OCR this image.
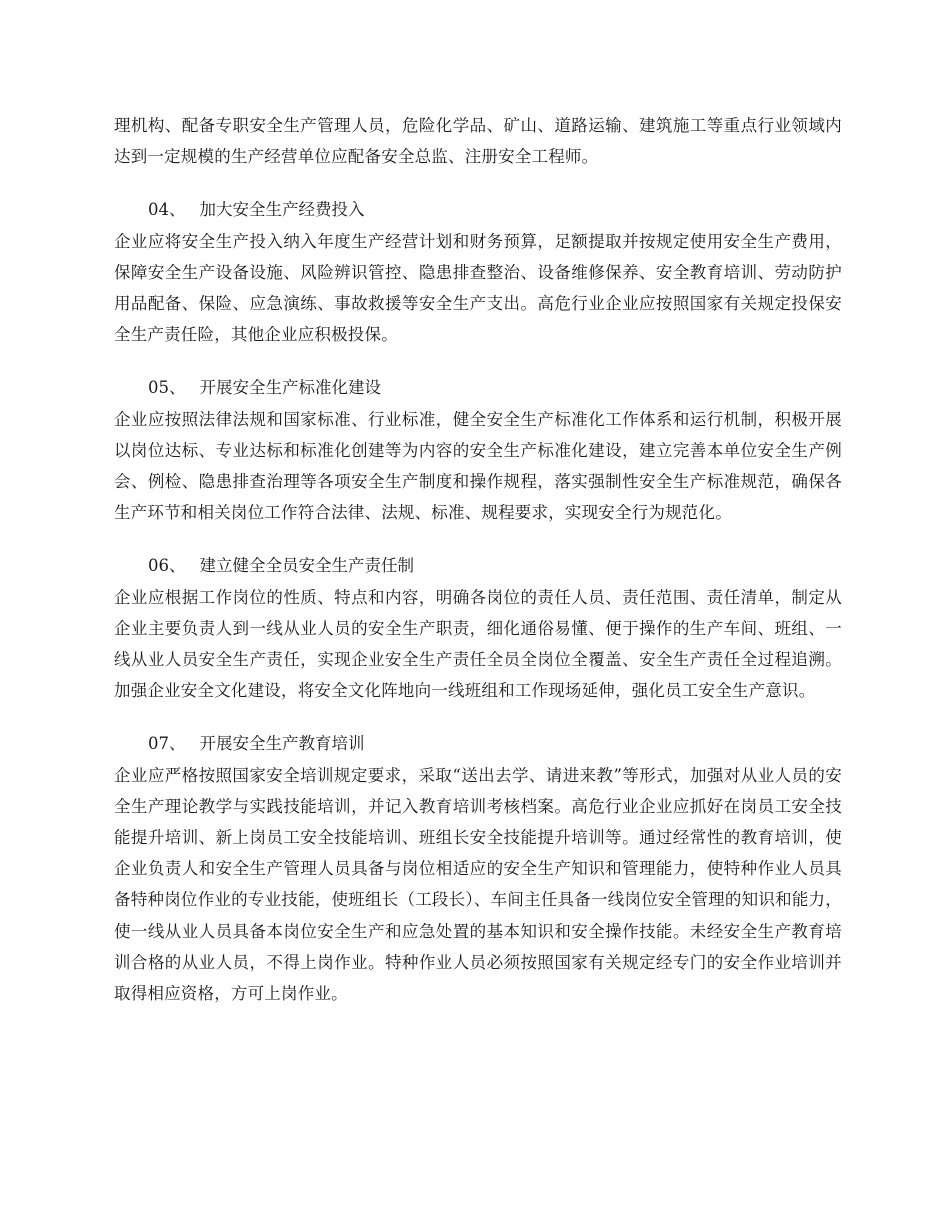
理机构、配备专职安全生产管理人员，危险化学品、矿山、道路运输、建筑施工等重点行业领域内达到一定规模的生产经营单位应配备安全总监、注册安全工程师。

04、 加大安全生产经费投入

企业应将安全生产投入纳入年度生产经营计划和财务预算，足额提取并按规定使用安全生产费用，保障安全生产设备设施、风险辨识管控、隐患排查整治、设备维修保养、安全教育培训、劳动防护用品配备、保险、应急演练、事故救援等安全生产支出。高危行业企业应按照国家有关规定投保安全生产责任险，其他企业应积极投保。

05、 开展安全生产标准化建设

企业应按照法律法规和国家标准、行业标准，健全安全生产标准化工作体系和运行机制，积极开展以岗位达标、专业达标和标准化创建等为内容的安全生产标准化建设，建立完善本单位安全生产例会、例检、隐患排查治理等各项安全生产制度和操作规程，落实强制性安全生产标准规范，确保各生产环节和相关岗位工作符合法律、法规、标准、规程要求，实现安全行为规范化。

06、 建立健全全员安全生产责任制

企业应根据工作岗位的性质、特点和内容，明确各岗位的责任人员、责任范围、责任清单，制定从企业主要负责人到一线从业人员的安全生产职责，细化通俗易懂、便于操作的生产车间、班组、一线从业人员安全生产责任，实现企业安全生产责任全员全岗位全覆盖、安全生产责任全过程追溯。加强企业安全文化建设，将安全文化阵地向一线班组和工作现场延伸，强化员工安全生产意识。

07、 开展安全生产教育培训

企业应严格按照国家安全培训规定要求，采取“送出去学、请进来教”等形式，加强对从业人员的安全生产理论教学与实践技能培训，并记入教育培训考核档案。高危行业企业应抓好在岗员工安全技能提升培训、新上岗员工安全技能培训、班组长安全技能提升培训等。通过经常性的教育培训，使企业负责人和安全生产管理人员具备与岗位相适应的安全生产知识和管理能力，使特种作业人员具备特种岗位作业的专业技能，使班组长（工段长）、车间主任具备一线岗位安全管理的知识和能力，使一线从业人员具备本岗位安全生产和应急处置的基本知识和安全操作技能。未经安全生产教育培训合格的从业人员，不得上岗作业。特种作业人员必须按照国家有关规定经专门的安全作业培训并取得相应资格，方可上岗作业。
